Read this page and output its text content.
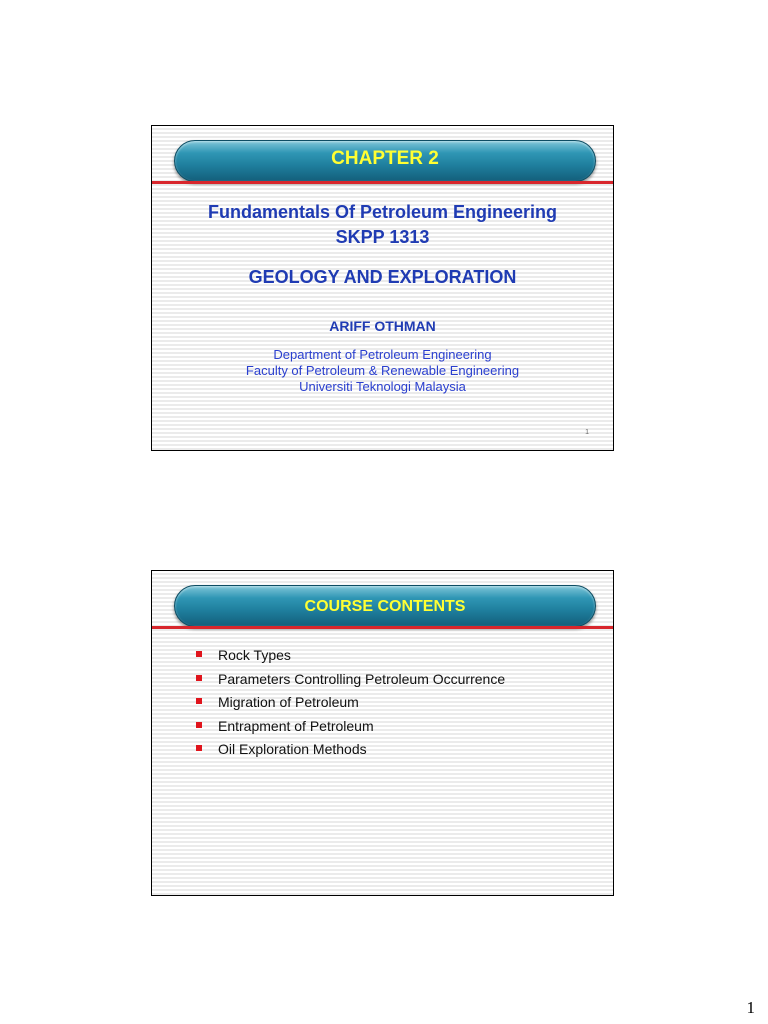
CHAPTER 2
Fundamentals Of Petroleum Engineering
SKPP 1313
GEOLOGY AND EXPLORATION
ARIFF OTHMAN
Department of Petroleum Engineering
Faculty of Petroleum & Renewable Engineering
Universiti Teknologi Malaysia
1
COURSE CONTENTS
Rock Types
Parameters Controlling Petroleum Occurrence
Migration of Petroleum
Entrapment of Petroleum
Oil Exploration Methods
1
